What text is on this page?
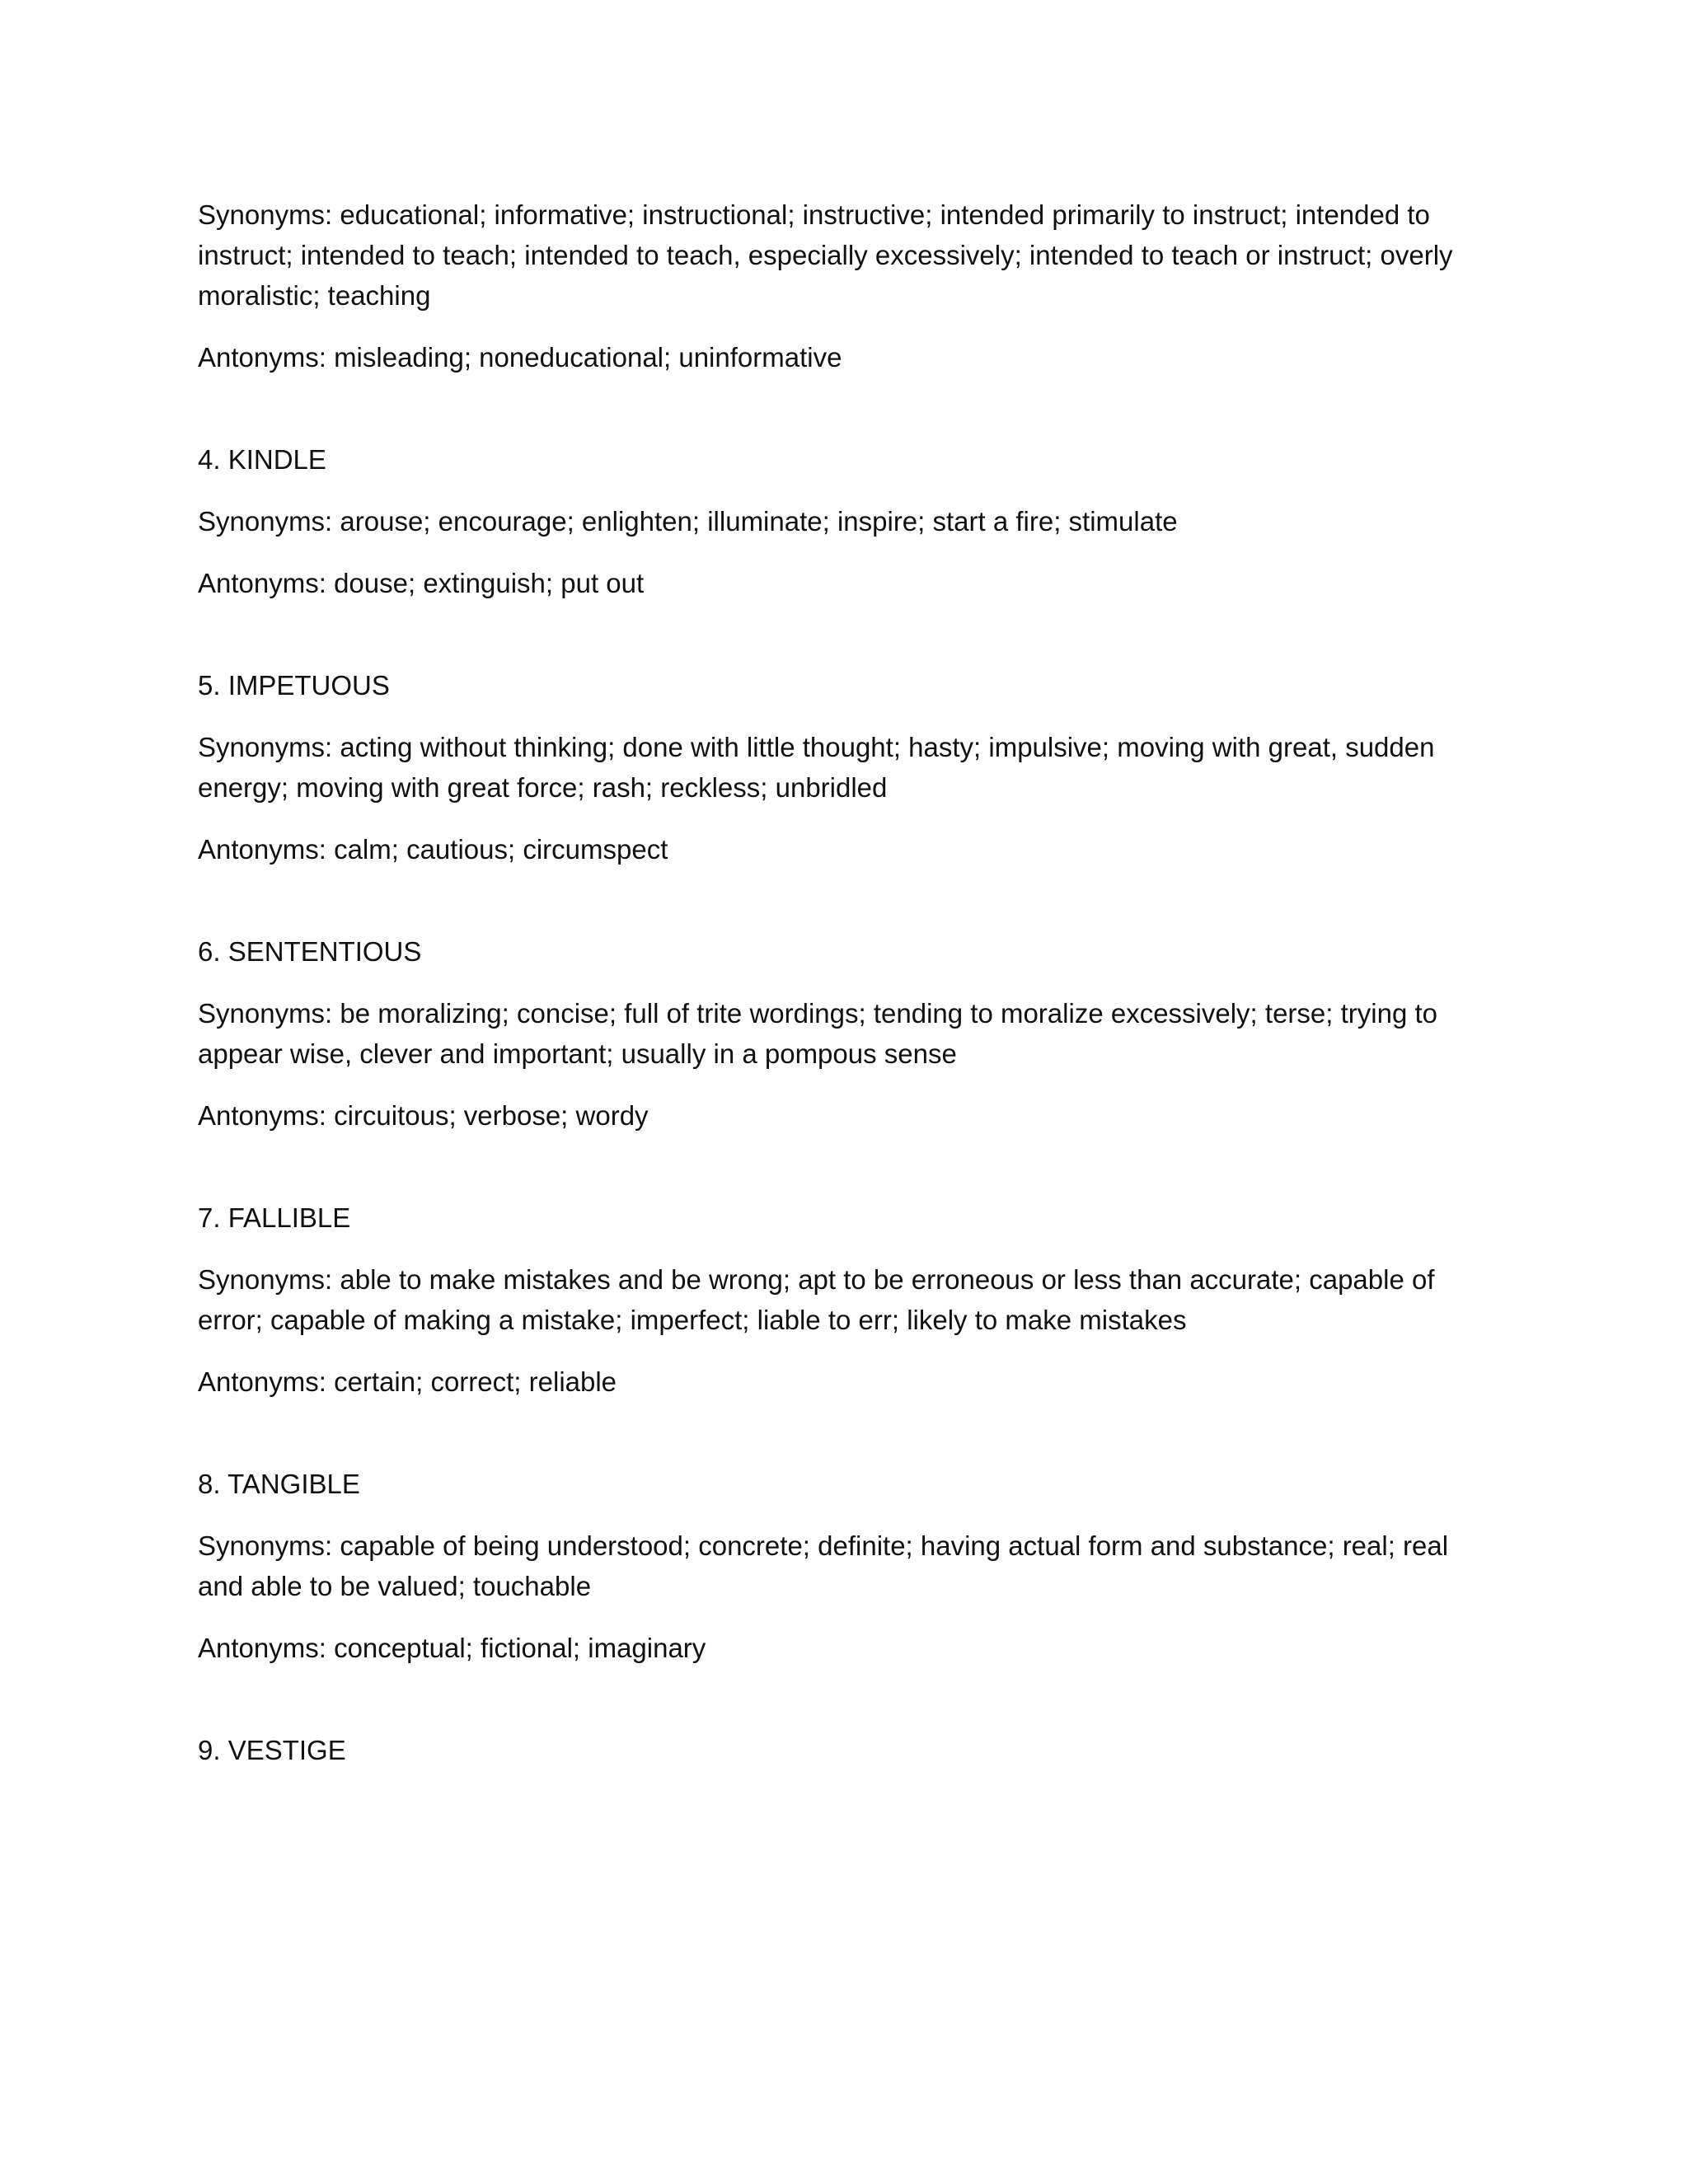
Synonyms: educational; informative; instructional; instructive; intended primarily to instruct; intended to instruct; intended to teach; intended to teach, especially excessively; intended to teach or instruct; overly moralistic; teaching

Antonyms: misleading; noneducational; uninformative

4. KINDLE

Synonyms: arouse; encourage; enlighten; illuminate; inspire; start a fire; stimulate

Antonyms: douse; extinguish; put out

5. IMPETUOUS

Synonyms: acting without thinking; done with little thought; hasty; impulsive; moving with great, sudden energy; moving with great force; rash; reckless; unbridled

Antonyms: calm; cautious; circumspect

6. SENTENTIOUS

Synonyms: be moralizing; concise; full of trite wordings; tending to moralize excessively; terse; trying to appear wise, clever and important; usually in a pompous sense

Antonyms: circuitous; verbose; wordy

7. FALLIBLE

Synonyms: able to make mistakes and be wrong; apt to be erroneous or less than accurate; capable of error; capable of making a mistake; imperfect; liable to err; likely to make mistakes

Antonyms: certain; correct; reliable

8. TANGIBLE

Synonyms: capable of being understood; concrete; definite; having actual form and substance; real; real and able to be valued; touchable

Antonyms: conceptual; fictional; imaginary

9. VESTIGE
